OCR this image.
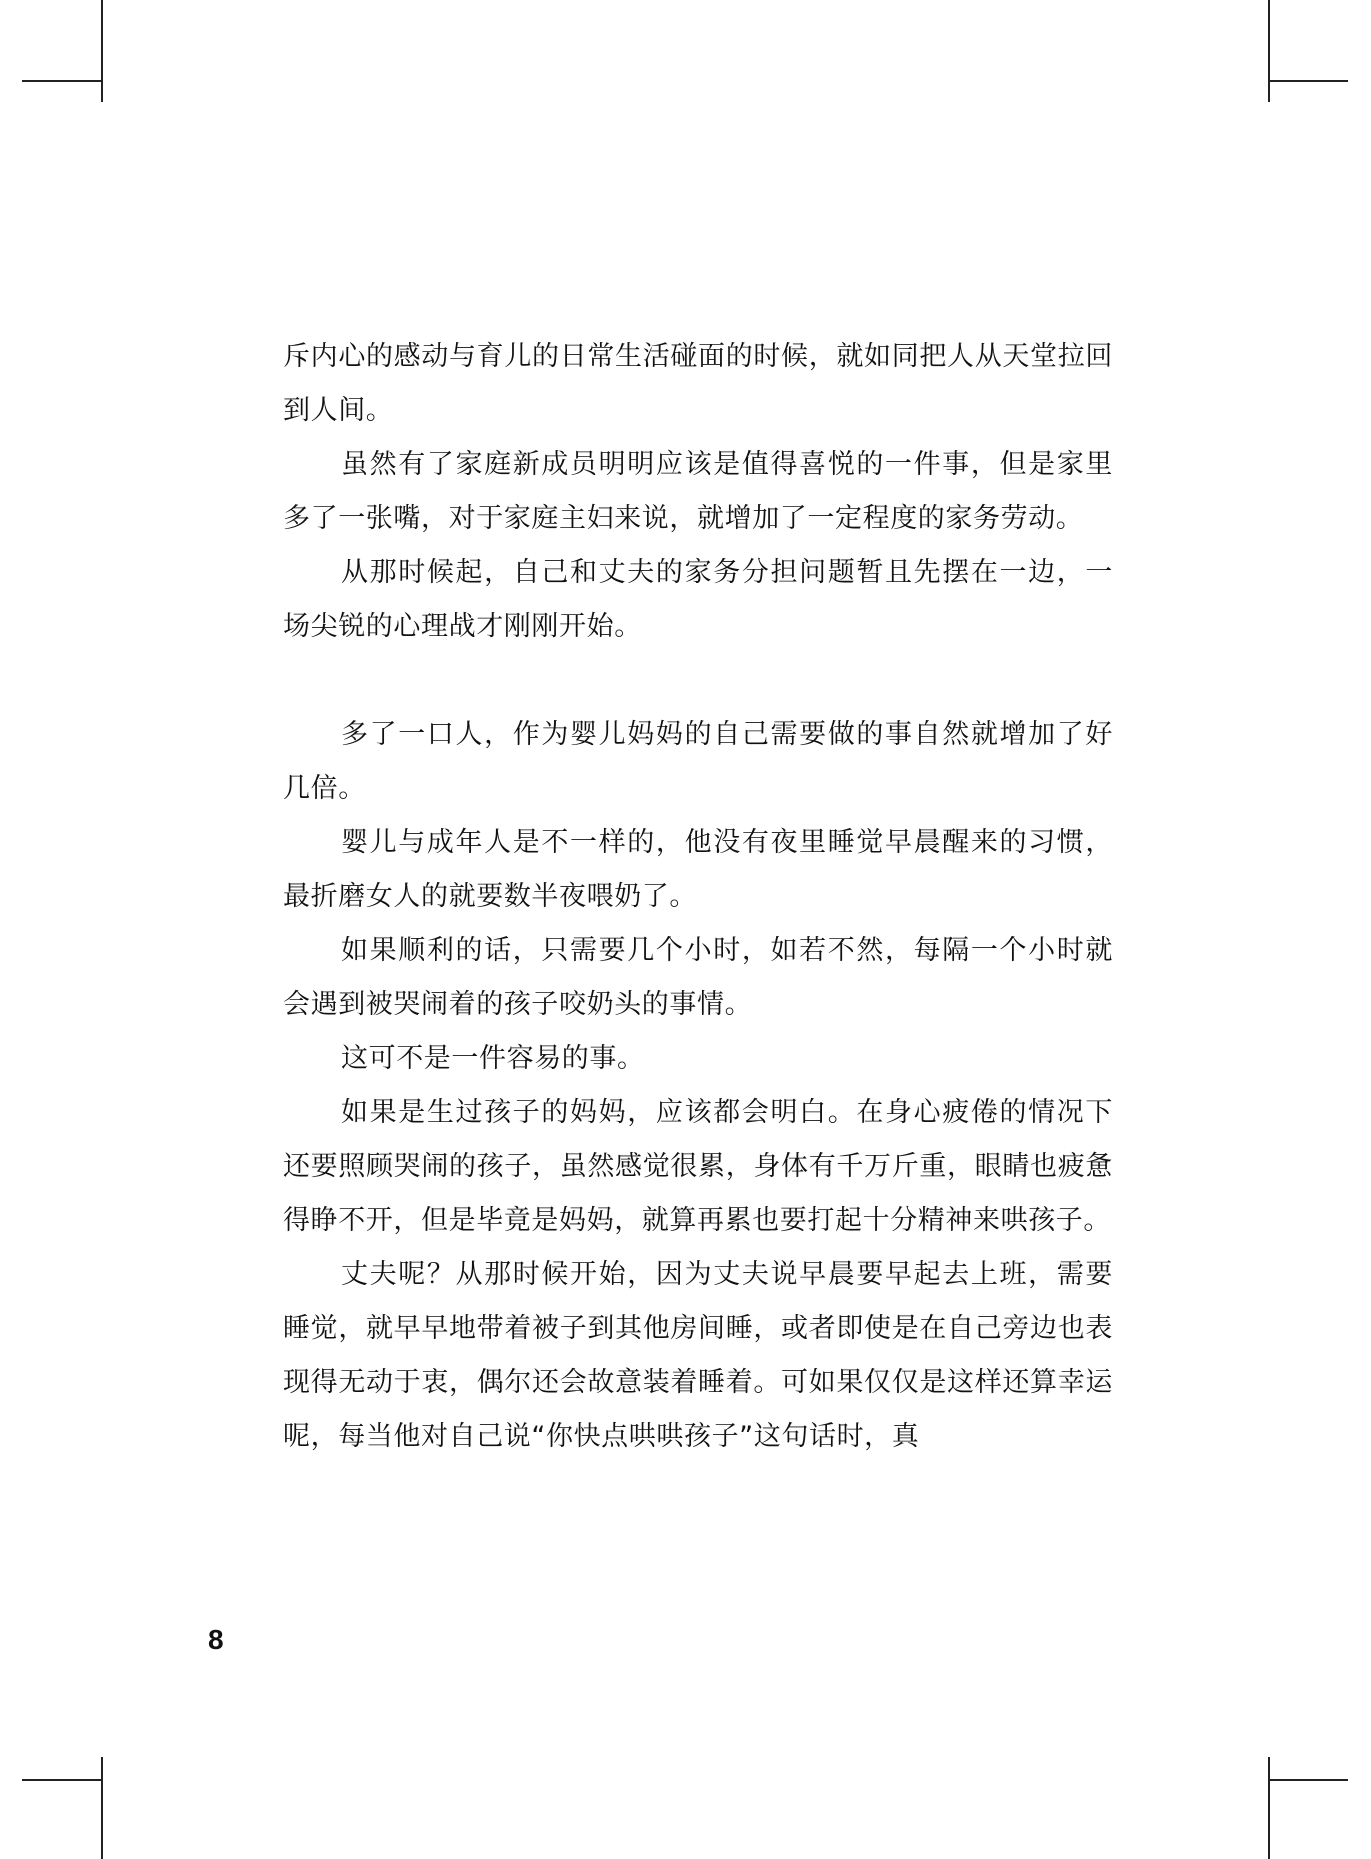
斥内心的感动与育儿的日常生活碰面的时候，就如同把人从天堂拉回到人间。

虽然有了家庭新成员明明应该是值得喜悦的一件事，但是家里多了一张嘴，对于家庭主妇来说，就增加了一定程度的家务劳动。

从那时候起，自己和丈夫的家务分担问题暂且先摆在一边，一场尖锐的心理战才刚刚开始。

多了一口人，作为婴儿妈妈的自己需要做的事自然就增加了好几倍。

婴儿与成年人是不一样的，他没有夜里睡觉早晨醒来的习惯，最折磨女人的就要数半夜喂奶了。

如果顺利的话，只需要几个小时，如若不然，每隔一个小时就会遇到被哭闹着的孩子咬奶头的事情。

这可不是一件容易的事。

如果是生过孩子的妈妈，应该都会明白。在身心疲倦的情况下还要照顾哭闹的孩子，虽然感觉很累，身体有千万斤重，眼睛也疲惫得睁不开，但是毕竟是妈妈，就算再累也要打起十分精神来哄孩子。

丈夫呢？从那时候开始，因为丈夫说早晨要早起去上班，需要睡觉，就早早地带着被子到其他房间睡，或者即使是在自己旁边也表现得无动于衷，偶尔还会故意装着睡着。可如果仅仅是这样还算幸运呢，每当他对自己说“你快点哄哄孩子”这句话时，真

8
